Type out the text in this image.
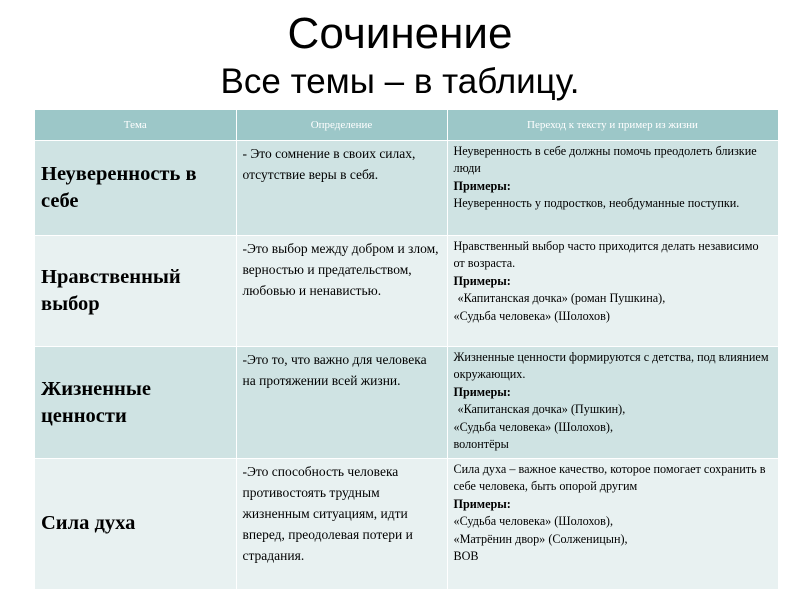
Сочинение
Все темы – в таблицу.
Тема	Определение	Переход к тексту и пример из жизни
Неуверенность в себе	- Это сомнение в своих силах, отсутствие веры в себя.	Неуверенность в себе должны помочь преодолеть близкие люди
Примеры:
Неуверенность у подростков, необдуманные поступки.

Нравственный выбор	-Это выбор между добром и злом, верностью и предательством, любовью и ненавистью.	Нравственный выбор часто приходится делать независимо от возраста.
Примеры:
«Капитанская дочка» (роман Пушкина),
«Судьба человека» (Шолохов)

Жизненные ценности	-Это то, что важно для человека на протяжении всей жизни.	Жизненные ценности формируются с детства, под влиянием окружающих.
Примеры:
«Капитанская дочка» (Пушкин),
«Судьба человека» (Шолохов),
волонтёры

Сила духа	-Это способность человека противостоять трудным жизненным ситуациям, идти вперед, преодолевая потери и страдания.	Сила духа – важное качество, которое помогает сохранить в себе человека, быть опорой другим
Примеры:
«Судьба человека» (Шолохов),
«Матрёнин двор» (Солженицын),
ВОВ
